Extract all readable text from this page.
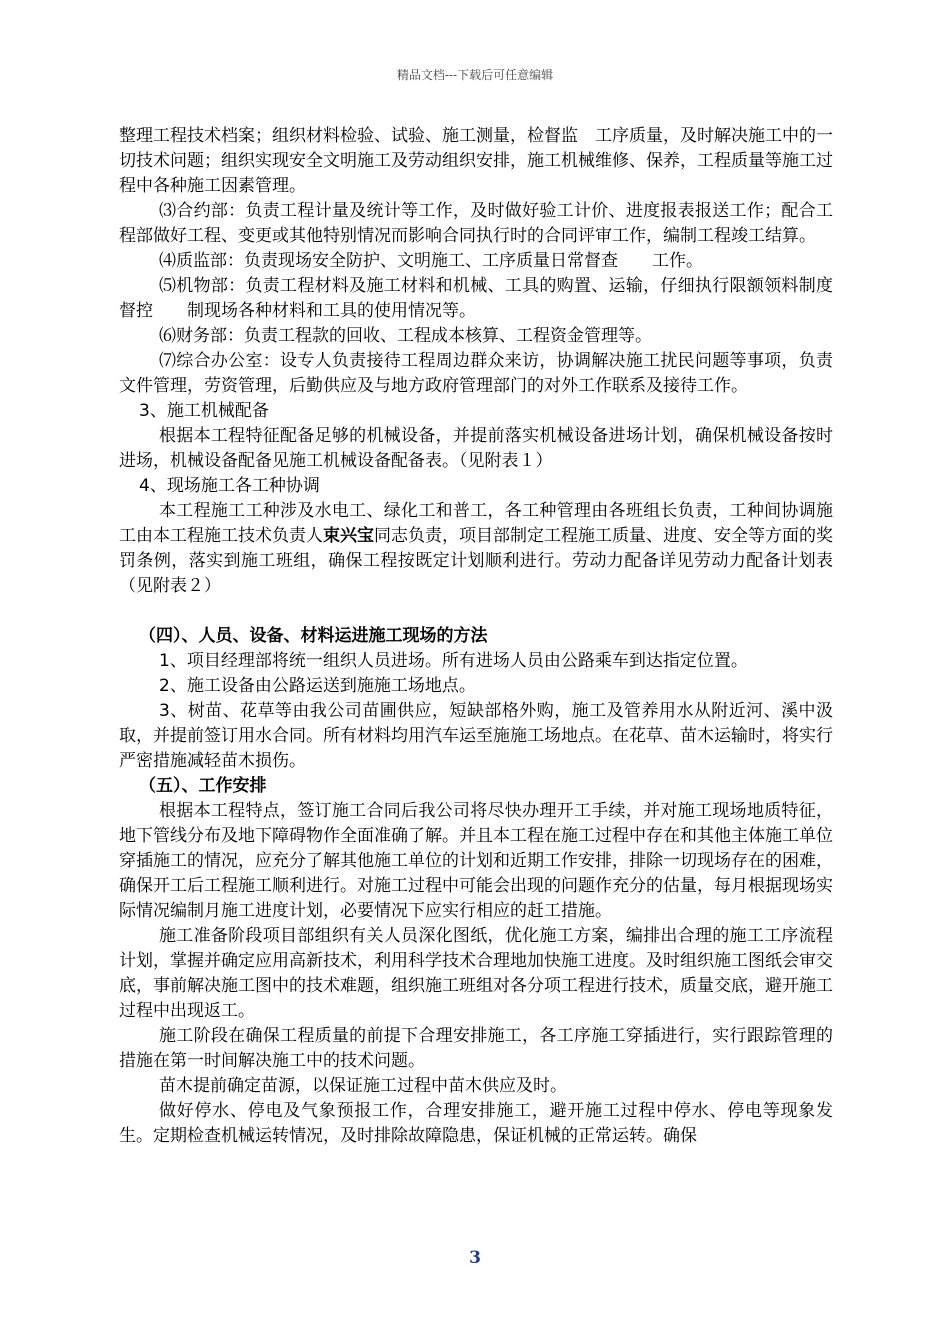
精品文档---下载后可任意编辑

整理工程技术档案；组织材料检验、试验、施工测量，检督监　工序质量，及时解决施工中的一切技术问题；组织实现安全文明施工及劳动组织安排，施工机械维修、保养，工程质量等施工过程中各种施工因素管理。

⑶合约部：负责工程计量及统计等工作，及时做好验工计价、进度报表报送工作；配合工程部做好工程、变更或其他特别情况而影响合同执行时的合同评审工作，编制工程竣工结算。

⑷质监部：负责现场安全防护、文明施工、工序质量日常督查　　工作。

⑸机物部：负责工程材料及施工材料和机械、工具的购置、运输，仔细执行限额领料制度督控　　制现场各种材料和工具的使用情况等。

⑹财务部：负责工程款的回收、工程成本核算、工程资金管理等。

⑺综合办公室：设专人负责接待工程周边群众来访，协调解决施工扰民问题等事项，负责文件管理，劳资管理，后勤供应及与地方政府管理部门的对外工作联系及接待工作。

3、施工机械配备

根据本工程特征配备足够的机械设备，并提前落实机械设备进场计划，确保机械设备按时进场，机械设备配备见施工机械设备配备表。（见附表１）

4、现场施工各工种协调

本工程施工工种涉及水电工、绿化工和普工，各工种管理由各班组长负责，工种间协调施工由本工程施工技术负责人束兴宝同志负责，项目部制定工程施工质量、进度、安全等方面的奖罚条例，落实到施工班组，确保工程按既定计划顺利进行。劳动力配备详见劳动力配备计划表（见附表２）

（四）、人员、设备、材料运进施工现场的方法

1、项目经理部将统一组织人员进场。所有进场人员由公路乘车到达指定位置。

2、施工设备由公路运送到施施工场地点。

3、树苗、花草等由我公司苗圃供应，短缺部格外购，施工及管养用水从附近河、溪中汲取，并提前签订用水合同。所有材料均用汽车运至施施工场地点。在花草、苗木运输时，将实行严密措施减轻苗木损伤。

（五）、工作安排

根据本工程特点，签订施工合同后我公司将尽快办理开工手续，并对施工现场地质特征，地下管线分布及地下障碍物作全面准确了解。并且本工程在施工过程中存在和其他主体施工单位穿插施工的情况，应充分了解其他施工单位的计划和近期工作安排，排除一切现场存在的困难，确保开工后工程施工顺利进行。对施工过程中可能会出现的问题作充分的估量，每月根据现场实际情况编制月施工进度计划，必要情况下应实行相应的赶工措施。

施工准备阶段项目部组织有关人员深化图纸，优化施工方案，编排出合理的施工工序流程计划，掌握并确定应用高新技术，利用科学技术合理地加快施工进度。及时组织施工图纸会审交底，事前解决施工图中的技术难题，组织施工班组对各分项工程进行技术，质量交底，避开施工过程中出现返工。

施工阶段在确保工程质量的前提下合理安排施工，各工序施工穿插进行，实行跟踪管理的措施在第一时间解决施工中的技术问题。

苗木提前确定苗源，以保证施工过程中苗木供应及时。

做好停水、停电及气象预报工作，合理安排施工，避开施工过程中停水、停电等现象发生。定期检查机械运转情况，及时排除故障隐患，保证机械的正常运转。确保

3
